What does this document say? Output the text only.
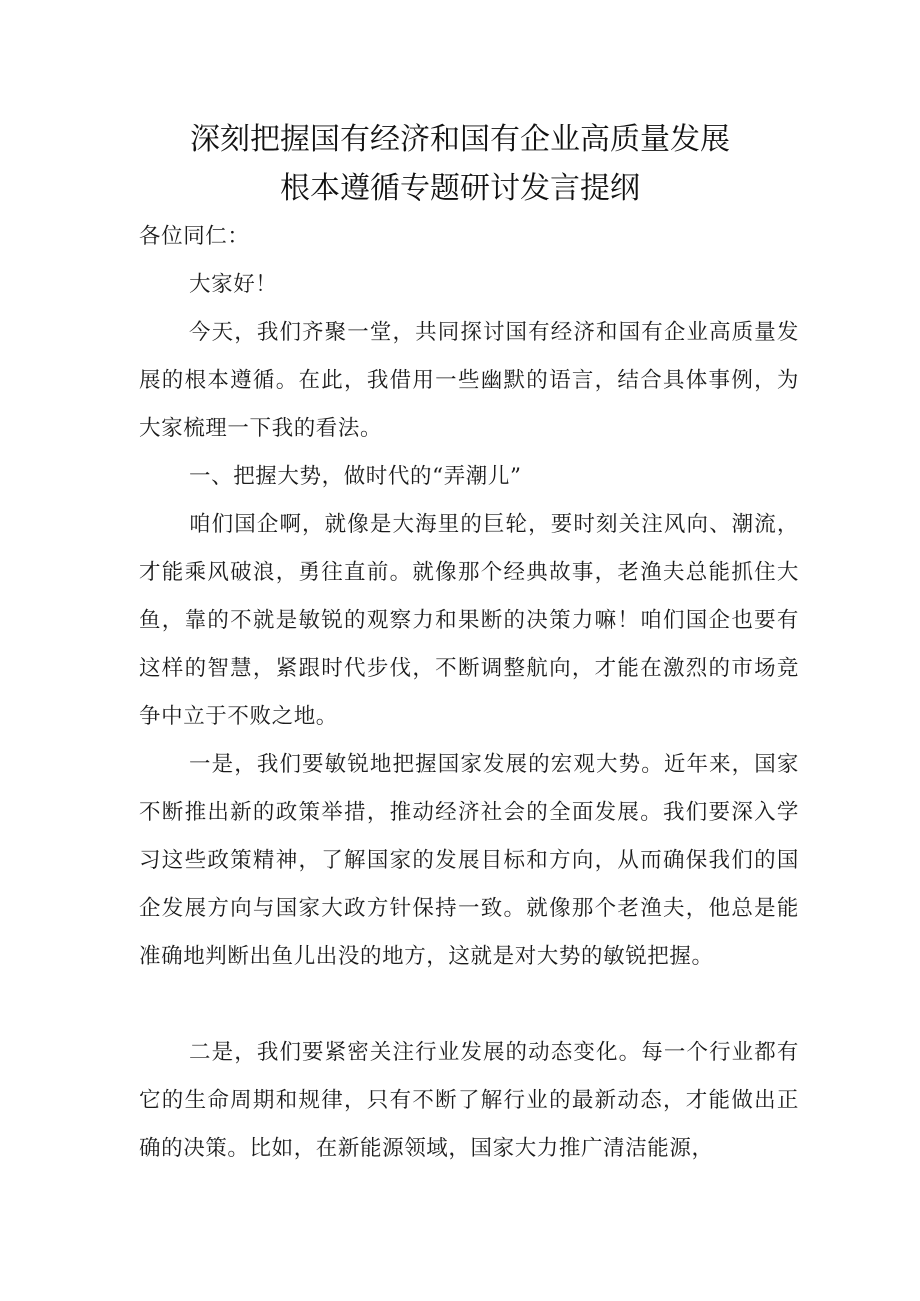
深刻把握国有经济和国有企业高质量发展
根本遵循专题研讨发言提纲

各位同仁：

大家好！

今天，我们齐聚一堂，共同探讨国有经济和国有企业高质量发展的根本遵循。在此，我借用一些幽默的语言，结合具体事例，为大家梳理一下我的看法。

一、把握大势，做时代的“弄潮儿”

咱们国企啊，就像是大海里的巨轮，要时刻关注风向、潮流，才能乘风破浪，勇往直前。就像那个经典故事，老渔夫总能抓住大鱼，靠的不就是敏锐的观察力和果断的决策力嘛！咱们国企也要有这样的智慧，紧跟时代步伐，不断调整航向，才能在激烈的市场竞争中立于不败之地。

一是，我们要敏锐地把握国家发展的宏观大势。近年来，国家不断推出新的政策举措，推动经济社会的全面发展。我们要深入学习这些政策精神，了解国家的发展目标和方向，从而确保我们的国企发展方向与国家大政方针保持一致。就像那个老渔夫，他总是能准确地判断出鱼儿出没的地方，这就是对大势的敏锐把握。

二是，我们要紧密关注行业发展的动态变化。每一个行业都有它的生命周期和规律，只有不断了解行业的最新动态，才能做出正确的决策。比如，在新能源领域，国家大力推广清洁能源，
